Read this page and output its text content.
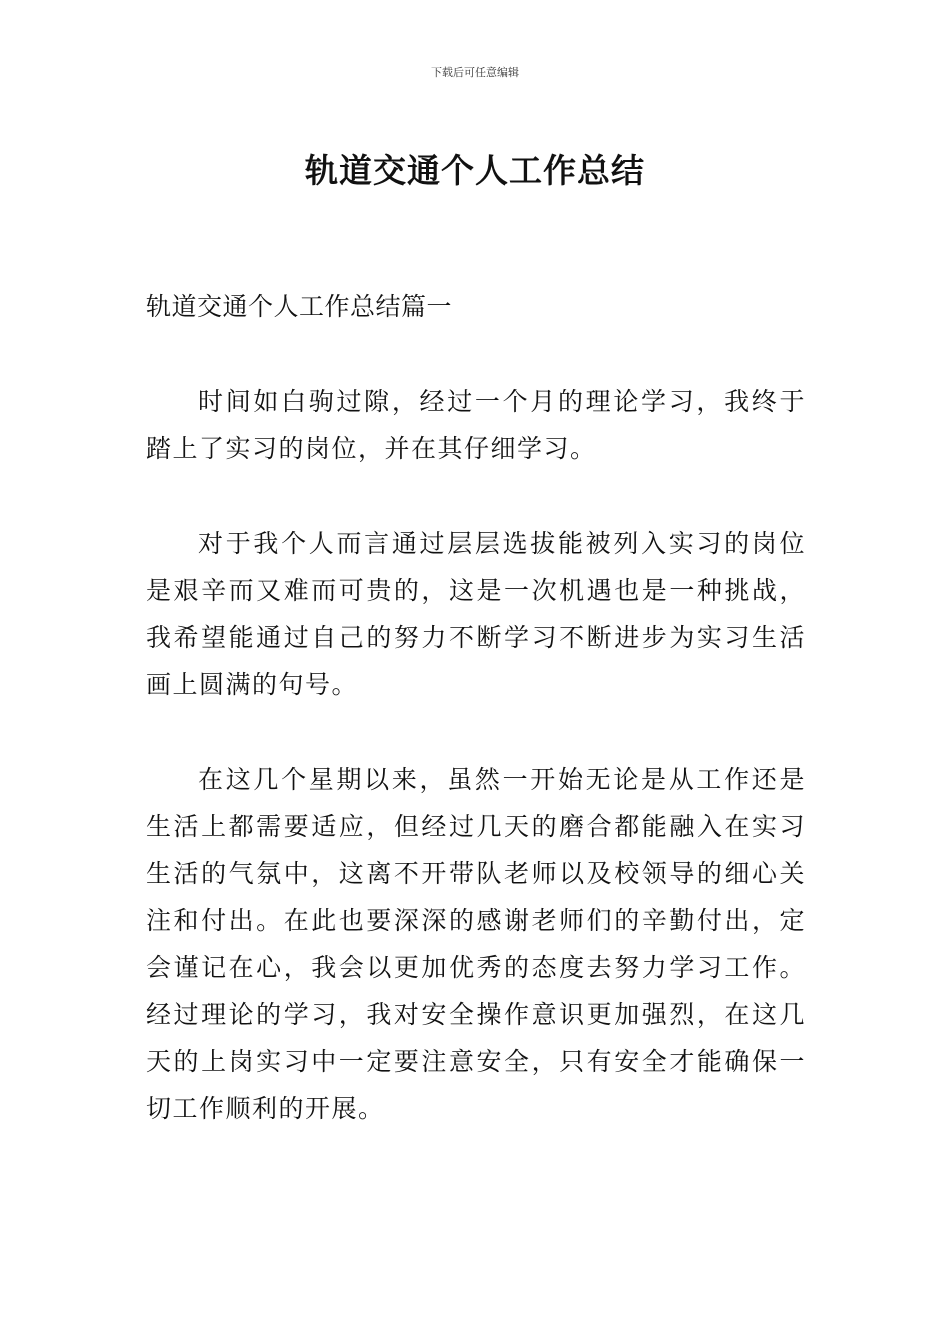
下载后可任意编辑
轨道交通个人工作总结
轨道交通个人工作总结篇一

时间如白驹过隙，经过一个月的理论学习，我终于踏上了实习的岗位，并在其仔细学习。

对于我个人而言通过层层选拔能被列入实习的岗位是艰辛而又难而可贵的，这是一次机遇也是一种挑战，我希望能通过自己的努力不断学习不断进步为实习生活画上圆满的句号。

在这几个星期以来，虽然一开始无论是从工作还是生活上都需要适应，但经过几天的磨合都能融入在实习生活的气氛中，这离不开带队老师以及校领导的细心关注和付出。在此也要深深的感谢老师们的辛勤付出，定会谨记在心，我会以更加优秀的态度去努力学习工作。经过理论的学习，我对安全操作意识更加强烈，在这几天的上岗实习中一定要注意安全，只有安全才能确保一切工作顺利的开展。
